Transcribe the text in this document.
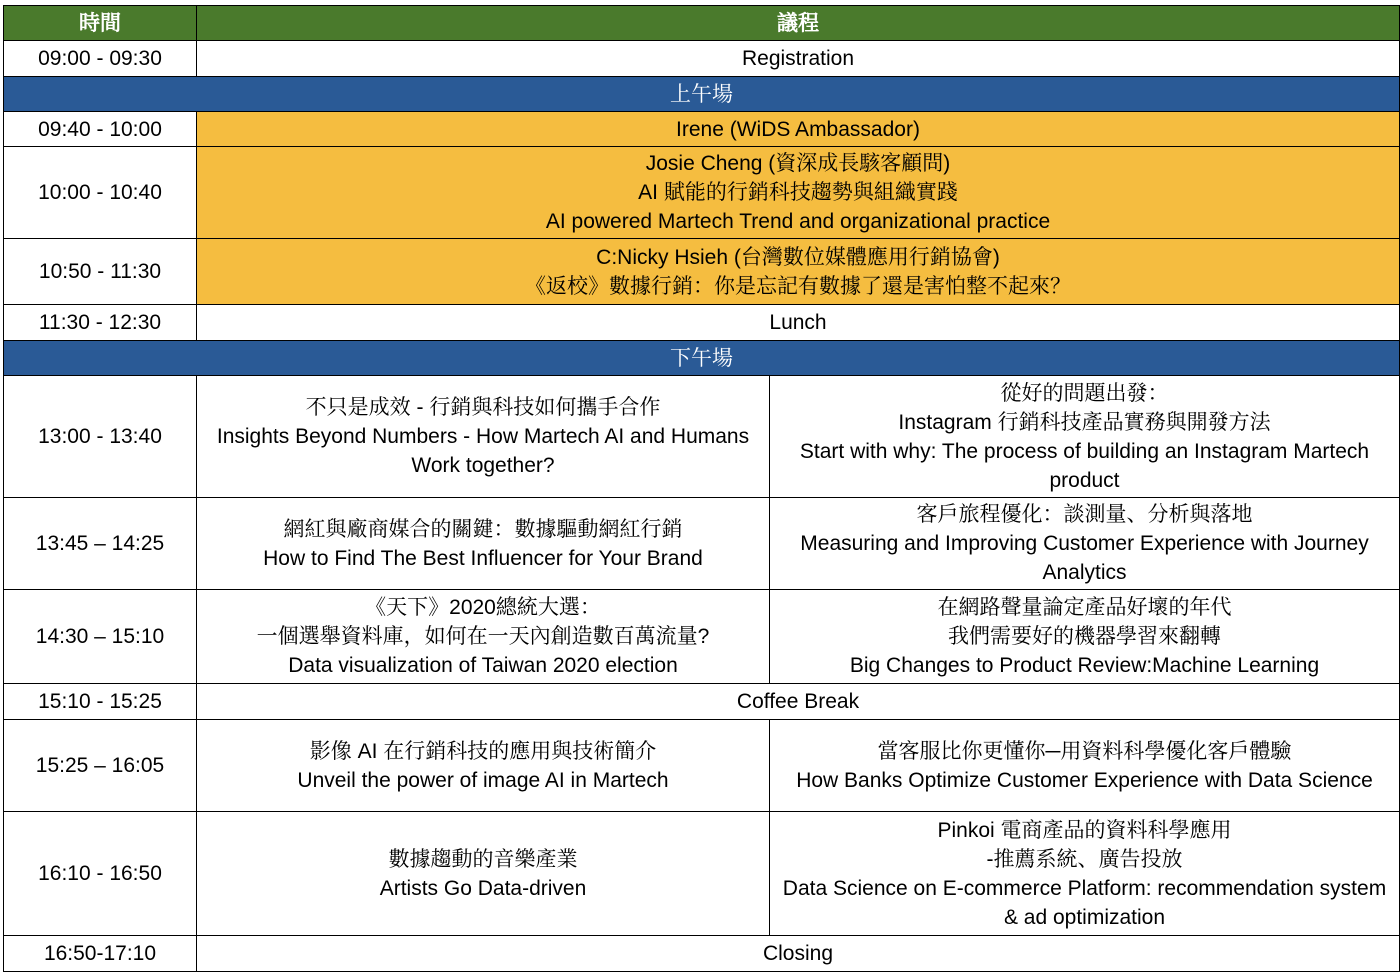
時間	議程	
09:00 - 09:30	Registration	
上午場		
09:40 - 10:00	Irene (WiDS Ambassador)	

10:00 - 10:40	Josie Cheng (資深成長駭客顧問)
AI 賦能的行銷科技趨勢與組織實踐
AI powered Martech Trend and organizational practice	

10:50 - 11:30	C:Nicky Hsieh (台灣數位媒體應用行銷協會)
《返校》數據行銷：你是忘記有數據了還是害怕整不起來？	

11:30 - 12:30	Lunch	
下午場		
13:00 - 13:40	不只是成效 - 行銷與科技如何攜手合作
Insights Beyond Numbers - How Martech AI and Humans Work together?	從好的問題出發：
Instagram 行銷科技產品實務與開發方法
Start with why: The process of building an Instagram Martech product

13:45 – 14:25	網紅與廠商媒合的關鍵：數據驅動網紅行銷
How to Find The Best Influencer for Your Brand	客戶旅程優化：談測量、分析與落地
Measuring and Improving Customer Experience with Journey Analytics

14:30 – 15:10	《天下》2020總統大選：
一個選舉資料庫，如何在一天內創造數百萬流量?
Data visualization of Taiwan 2020 election	在網路聲量論定產品好壞的年代
我們需要好的機器學習來翻轉
Big Changes to Product Review:Machine Learning

15:10 - 15:25	Coffee Break	
15:25 – 16:05	影像 AI 在行銷科技的應用與技術簡介
Unveil the power of image AI in Martech	當客服比你更懂你─用資料科學優化客戶體驗
How Banks Optimize Customer Experience with Data Science

16:10 - 16:50	數據趨動的音樂產業
Artists Go Data-driven	Pinkoi 電商產品的資料科學應用
-推薦系統、廣告投放
Data Science on E-commerce Platform: recommendation system & ad optimization

16:50-17:10	Closing	
